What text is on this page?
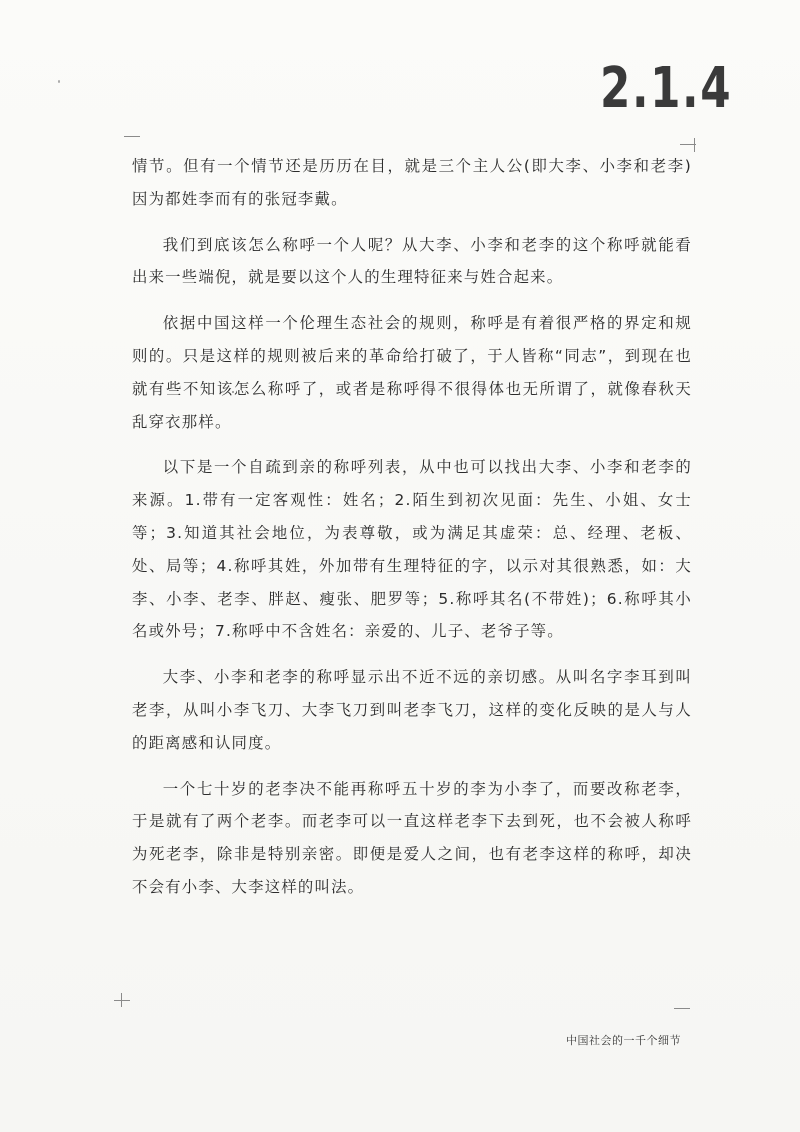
2.1.4

情节。但有一个情节还是历历在目，就是三个主人公(即大李、小李和老李)因为都姓李而有的张冠李戴。

我们到底该怎么称呼一个人呢？从大李、小李和老李的这个称呼就能看出来一些端倪，就是要以这个人的生理特征来与姓合起来。

依据中国这样一个伦理生态社会的规则，称呼是有着很严格的界定和规则的。只是这样的规则被后来的革命给打破了，于人皆称“同志”，到现在也就有些不知该怎么称呼了，或者是称呼得不很得体也无所谓了，就像春秋天乱穿衣那样。

以下是一个自疏到亲的称呼列表，从中也可以找出大李、小李和老李的来源。1.带有一定客观性：姓名；2.陌生到初次见面：先生、小姐、女士等；3.知道其社会地位，为表尊敬，或为满足其虚荣：总、经理、老板、处、局等；4.称呼其姓，外加带有生理特征的字，以示对其很熟悉，如：大李、小李、老李、胖赵、瘦张、肥罗等；5.称呼其名(不带姓)；6.称呼其小名或外号；7.称呼中不含姓名：亲爱的、儿子、老爷子等。

大李、小李和老李的称呼显示出不近不远的亲切感。从叫名字李耳到叫老李，从叫小李飞刀、大李飞刀到叫老李飞刀，这样的变化反映的是人与人的距离感和认同度。

一个七十岁的老李决不能再称呼五十岁的李为小李了，而要改称老李，于是就有了两个老李。而老李可以一直这样老李下去到死，也不会被人称呼为死老李，除非是特别亲密。即便是爱人之间，也有老李这样的称呼，却决不会有小李、大李这样的叫法。

中国社会的一千个细节
